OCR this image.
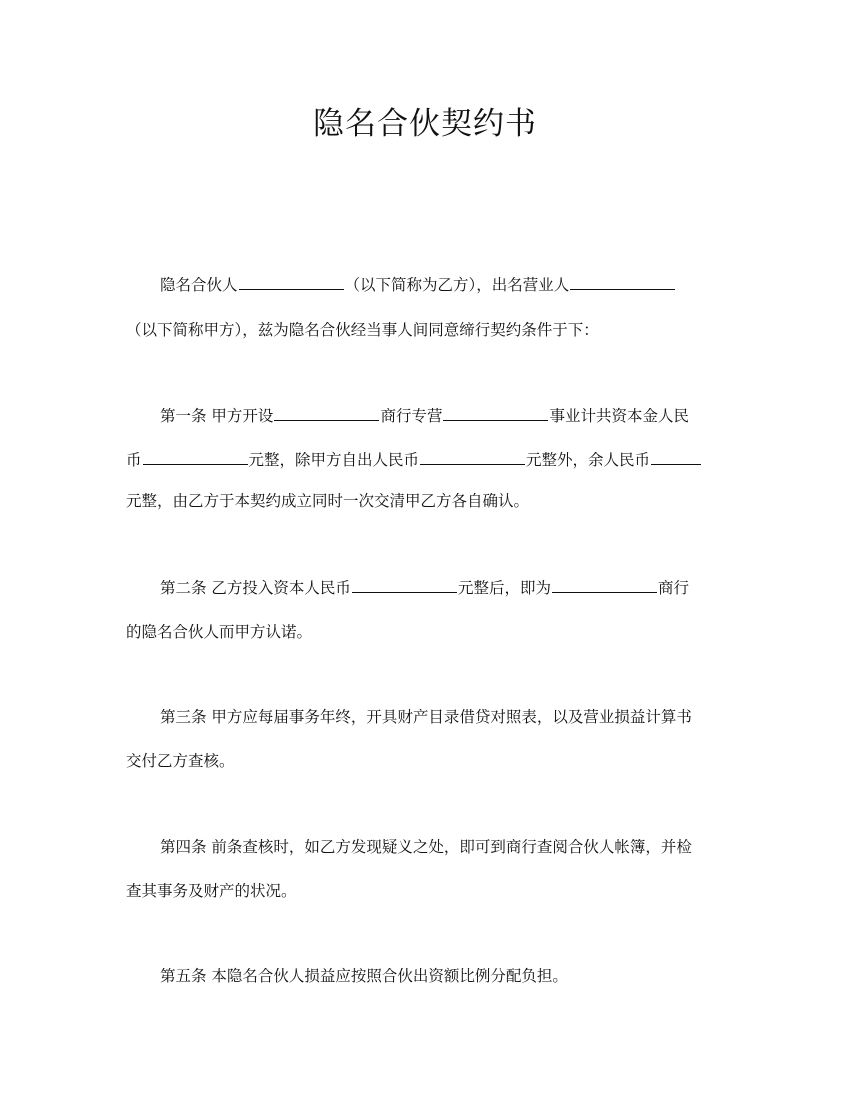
隐名合伙契约书
隐名合伙人	（以下简称为乙方），出名营业人
（以下简称甲方），兹为隐名合伙经当事人间同意缔行契约条件于下：
第一条 甲方开设	商行专营	事业计共资本金人民
币	元整，除甲方自出人民币	元整外，余人民币
元整，由乙方于本契约成立同时一次交清甲乙方各自确认。
第二条 乙方投入资本人民币	元整后，即为	商行
的隐名合伙人而甲方认诺。
第三条 甲方应每届事务年终，开具财产目录借贷对照表，以及营业损益计算书
交付乙方查核。
第四条 前条查核时，如乙方发现疑义之处，即可到商行查阅合伙人帐簿，并检
查其事务及财产的状况。
第五条 本隐名合伙人损益应按照合伙出资额比例分配负担。
